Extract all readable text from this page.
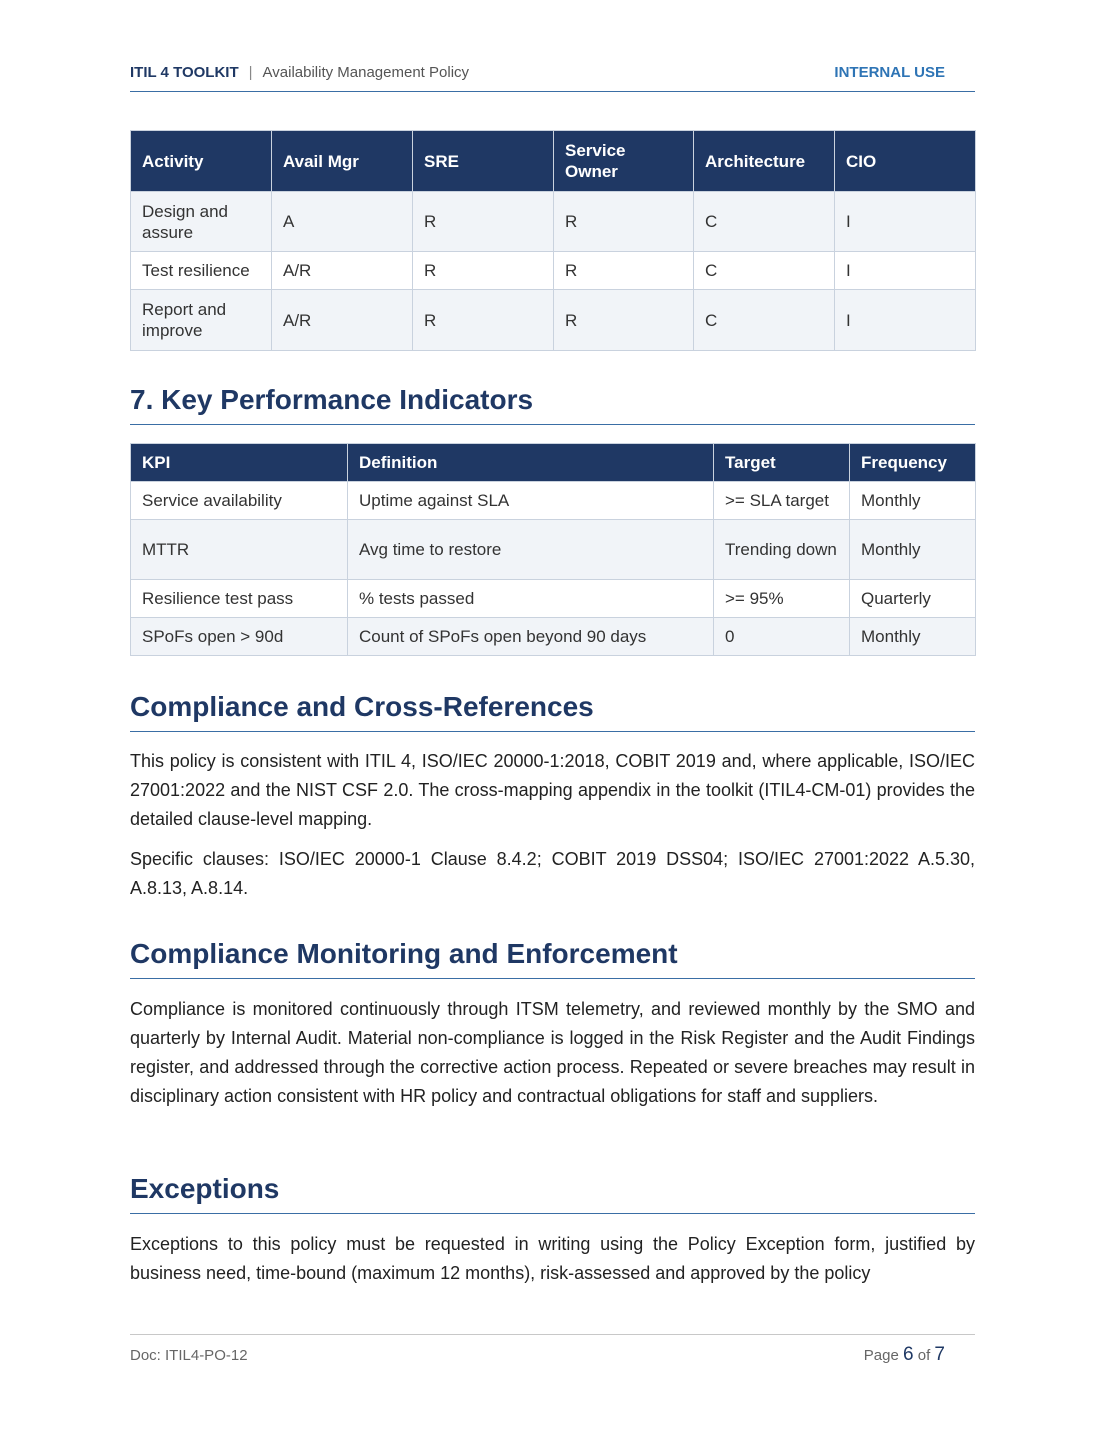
ITIL 4 TOOLKIT | Availability Management Policy	INTERNAL USE
Activity	Avail Mgr	SRE	Service Owner	Architecture	CIO
Design and assure	A	R	R	C	I
Test resilience	A/R	R	R	C	I
Report and improve	A/R	R	R	C	I
7. Key Performance Indicators
KPI	Definition	Target	Frequency
Service availability	Uptime against SLA	>= SLA target	Monthly
MTTR	Avg time to restore	Trending down	Monthly
Resilience test pass	% tests passed	>= 95%	Quarterly
SPoFs open > 90d	Count of SPoFs open beyond 90 days	0	Monthly
Compliance and Cross-References

This policy is consistent with ITIL 4, ISO/IEC 20000-1:2018, COBIT 2019 and, where applicable, ISO/IEC 27001:2022 and the NIST CSF 2.0. The cross-mapping appendix in the toolkit (ITIL4-CM-01) provides the detailed clause-level mapping.

Specific clauses: ISO/IEC 20000-1 Clause 8.4.2; COBIT 2019 DSS04; ISO/IEC 27001:2022 A.5.30, A.8.13, A.8.14.

Compliance Monitoring and Enforcement

Compliance is monitored continuously through ITSM telemetry, and reviewed monthly by the SMO and quarterly by Internal Audit. Material non-compliance is logged in the Risk Register and the Audit Findings register, and addressed through the corrective action process. Repeated or severe breaches may result in disciplinary action consistent with HR policy and contractual obligations for staff and suppliers.

Exceptions

Exceptions to this policy must be requested in writing using the Policy Exception form, justified by business need, time-bound (maximum 12 months), risk-assessed and approved by the policy

Doc: ITIL4-PO-12	Page 6 of 7
